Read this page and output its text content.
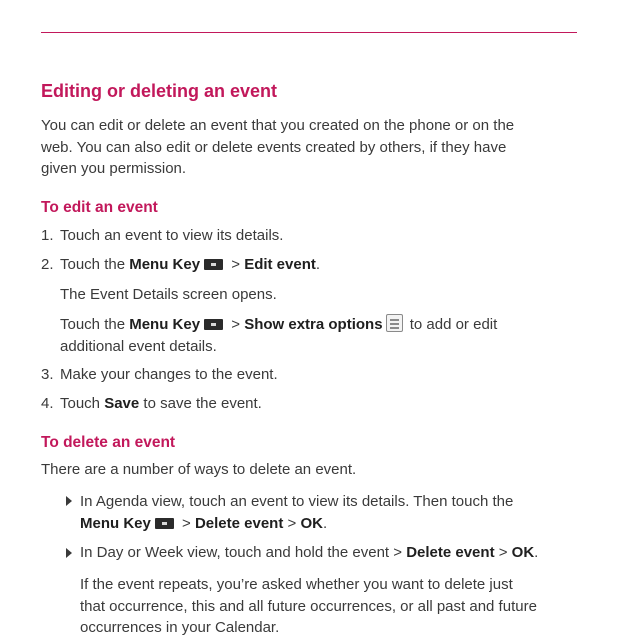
Editing or deleting an event
You can edit or delete an event that you created on the phone or on the
web. You can also edit or delete events created by others, if they have
given you permission.
To edit an event
1. Touch an event to view its details.
2. Touch the Menu Key > Edit event.
The Event Details screen opens.
Touch the Menu Key > Show extra options to add or edit
additional event details.
3. Make your changes to the event.
4. Touch Save to save the event.
To delete an event
There are a number of ways to delete an event.
In Agenda view, touch an event to view its details. Then touch the
Menu Key > Delete event > OK.
In Day or Week view, touch and hold the event > Delete event > OK.
If the event repeats, you’re asked whether you want to delete just
that occurrence, this and all future occurrences, or all past and future
occurrences in your Calendar.
